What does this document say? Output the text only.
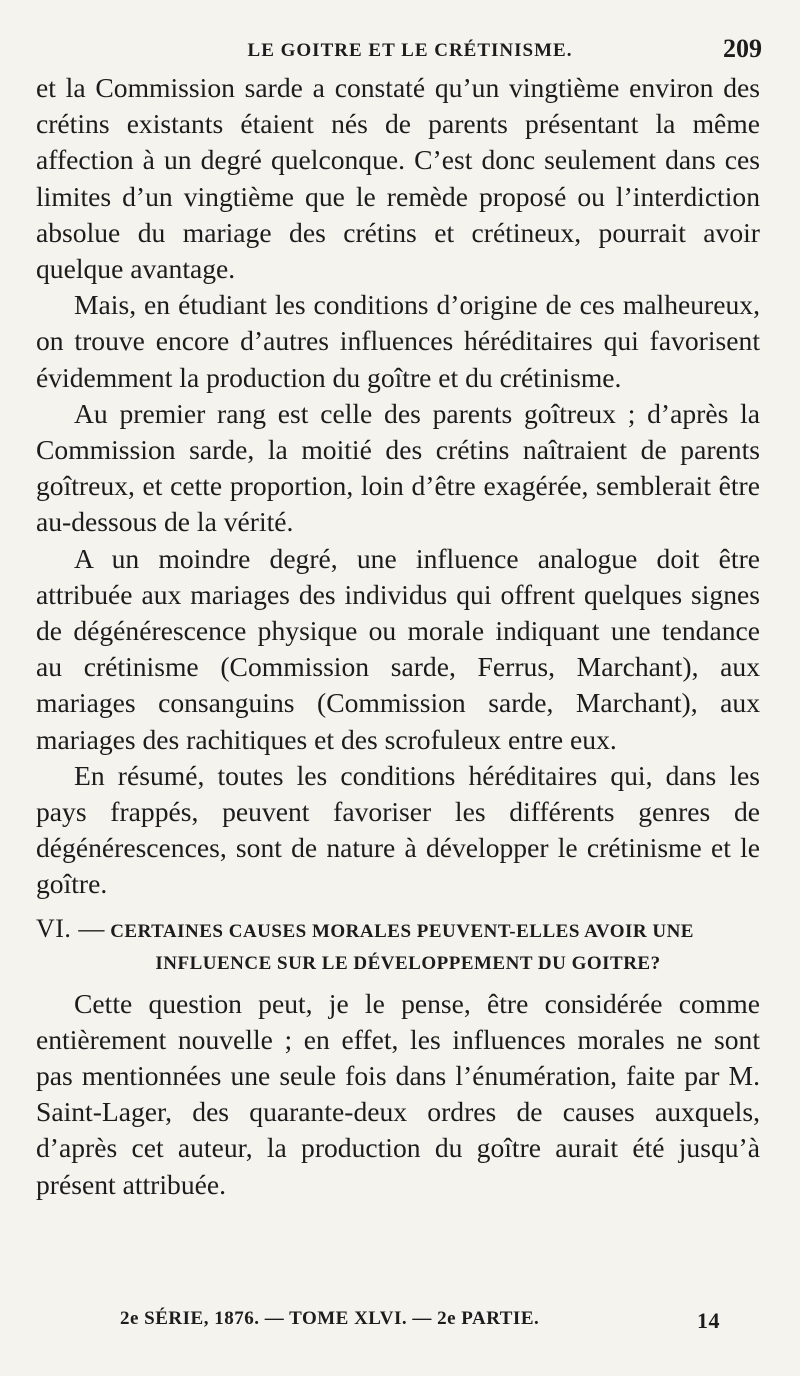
LE GOITRE ET LE CRÉTINISME.	209

et la Commission sarde a constaté qu’un vingtième environ des crétins existants étaient nés de parents présentant la même affection à un degré quelconque. C’est donc seulement dans ces limites d’un vingtième que le remède proposé ou l’interdiction absolue du mariage des crétins et crétineux, pourrait avoir quelque avantage.

Mais, en étudiant les conditions d’origine de ces malheureux, on trouve encore d’autres influences héréditaires qui favorisent évidemment la production du goître et du crétinisme.

Au premier rang est celle des parents goîtreux ; d’après la Commission sarde, la moitié des crétins naîtraient de parents goîtreux, et cette proportion, loin d’être exagérée, semblerait être au-dessous de la vérité.

A un moindre degré, une influence analogue doit être attribuée aux mariages des individus qui offrent quelques signes de dégénérescence physique ou morale indiquant une tendance au crétinisme (Commission sarde, Ferrus, Marchant), aux mariages consanguins (Commission sarde, Marchant), aux mariages des rachitiques et des scrofuleux entre eux.

En résumé, toutes les conditions héréditaires qui, dans les pays frappés, peuvent favoriser les différents genres de dégénérescences, sont de nature à développer le crétinisme et le goître.

VI. — CERTAINES CAUSES MORALES PEUVENT-ELLES AVOIR UNE
INFLUENCE SUR LE DÉVELOPPEMENT DU GOITRE?

Cette question peut, je le pense, être considérée comme entièrement nouvelle ; en effet, les influences morales ne sont pas mentionnées une seule fois dans l’énumération, faite par M. Saint-Lager, des quarante-deux ordres de causes auxquels, d’après cet auteur, la production du goître aurait été jusqu’à présent attribuée.

2e SÉRIE, 1876. — TOME XLVI. — 2e PARTIE.	14
